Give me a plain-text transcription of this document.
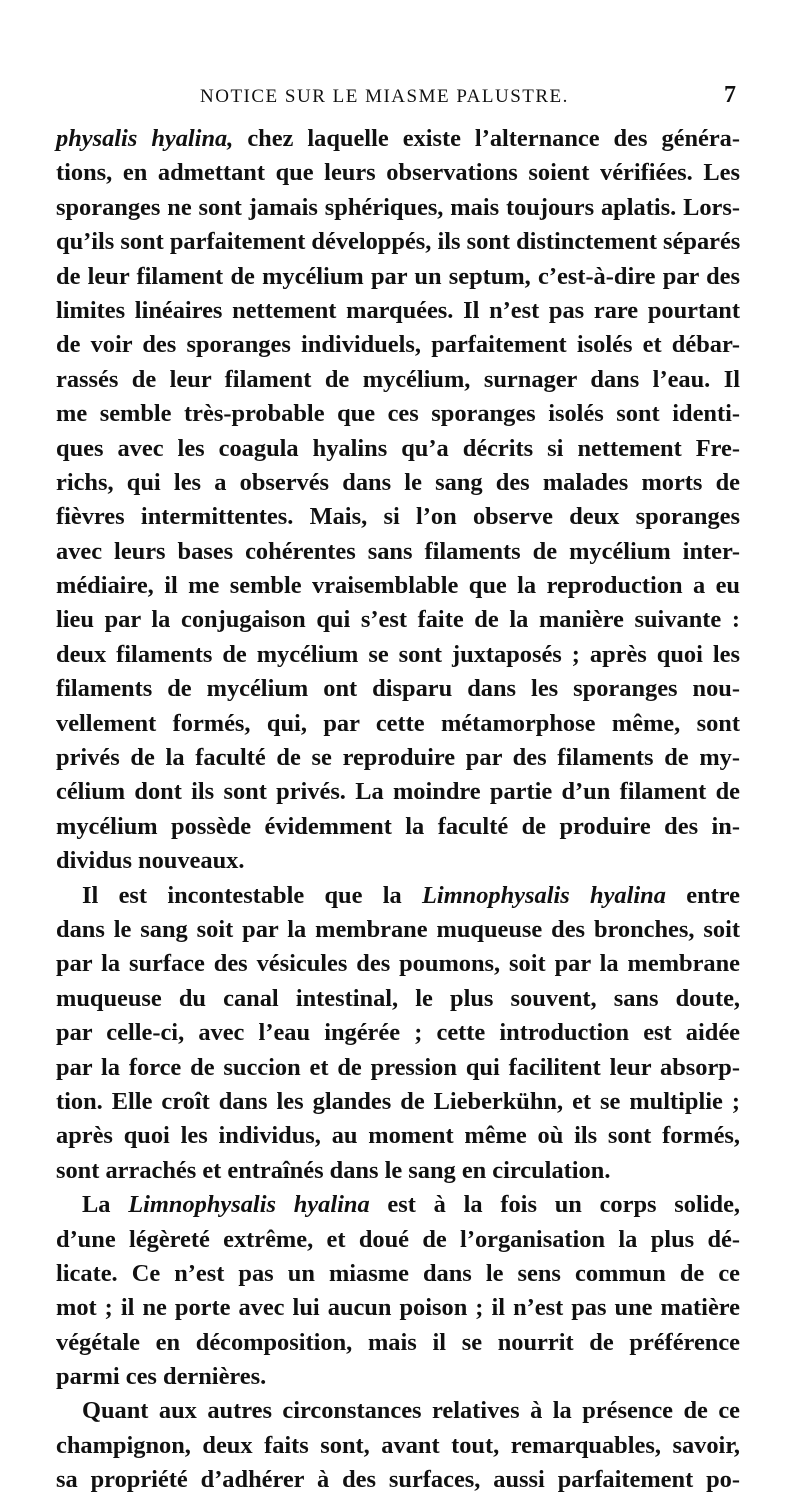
NOTICE SUR LE MIASME PALUSTRE.	7
physalis hyalina, chez laquelle existe l’alternance des généra-
tions, en admettant que leurs observations soient vérifiées. Les
sporanges ne sont jamais sphériques, mais toujours aplatis. Lors-
qu’ils sont parfaitement développés, ils sont distinctement séparés
de leur filament de mycélium par un septum, c’est-à-dire par des
limites linéaires nettement marquées. Il n’est pas rare pourtant
de voir des sporanges individuels, parfaitement isolés et débar-
rassés de leur filament de mycélium, surnager dans l’eau. Il
me semble très-probable que ces sporanges isolés sont identi-
ques avec les coagula hyalins qu’a décrits si nettement Fre-
richs, qui les a observés dans le sang des malades morts de
fièvres intermittentes. Mais, si l’on observe deux sporanges
avec leurs bases cohérentes sans filaments de mycélium inter-
médiaire, il me semble vraisemblable que la reproduction a eu
lieu par la conjugaison qui s’est faite de la manière suivante :
deux filaments de mycélium se sont juxtaposés ; après quoi les
filaments de mycélium ont disparu dans les sporanges nou-
vellement formés, qui, par cette métamorphose même, sont
privés de la faculté de se reproduire par des filaments de my-
célium dont ils sont privés. La moindre partie d’un filament de
mycélium possède évidemment la faculté de produire des in-
dividus nouveaux.
Il est incontestable que la Limnophysalis hyalina entre
dans le sang soit par la membrane muqueuse des bronches, soit
par la surface des vésicules des poumons, soit par la membrane
muqueuse du canal intestinal, le plus souvent, sans doute,
par celle-ci, avec l’eau ingérée ; cette introduction est aidée
par la force de succion et de pression qui facilitent leur absorp-
tion. Elle croît dans les glandes de Lieberkühn, et se multiplie ;
après quoi les individus, au moment même où ils sont formés,
sont arrachés et entraînés dans le sang en circulation.
La Limnophysalis hyalina est à la fois un corps solide,
d’une légèreté extrême, et doué de l’organisation la plus dé-
licate. Ce n’est pas un miasme dans le sens commun de ce
mot ; il ne porte avec lui aucun poison ; il n’est pas une matière
végétale en décomposition, mais il se nourrit de préférence
parmi ces dernières.
Quant aux autres circonstances relatives à la présence de ce
champignon, deux faits sont, avant tout, remarquables, savoir,
sa propriété d’adhérer à des surfaces, aussi parfaitement po-
